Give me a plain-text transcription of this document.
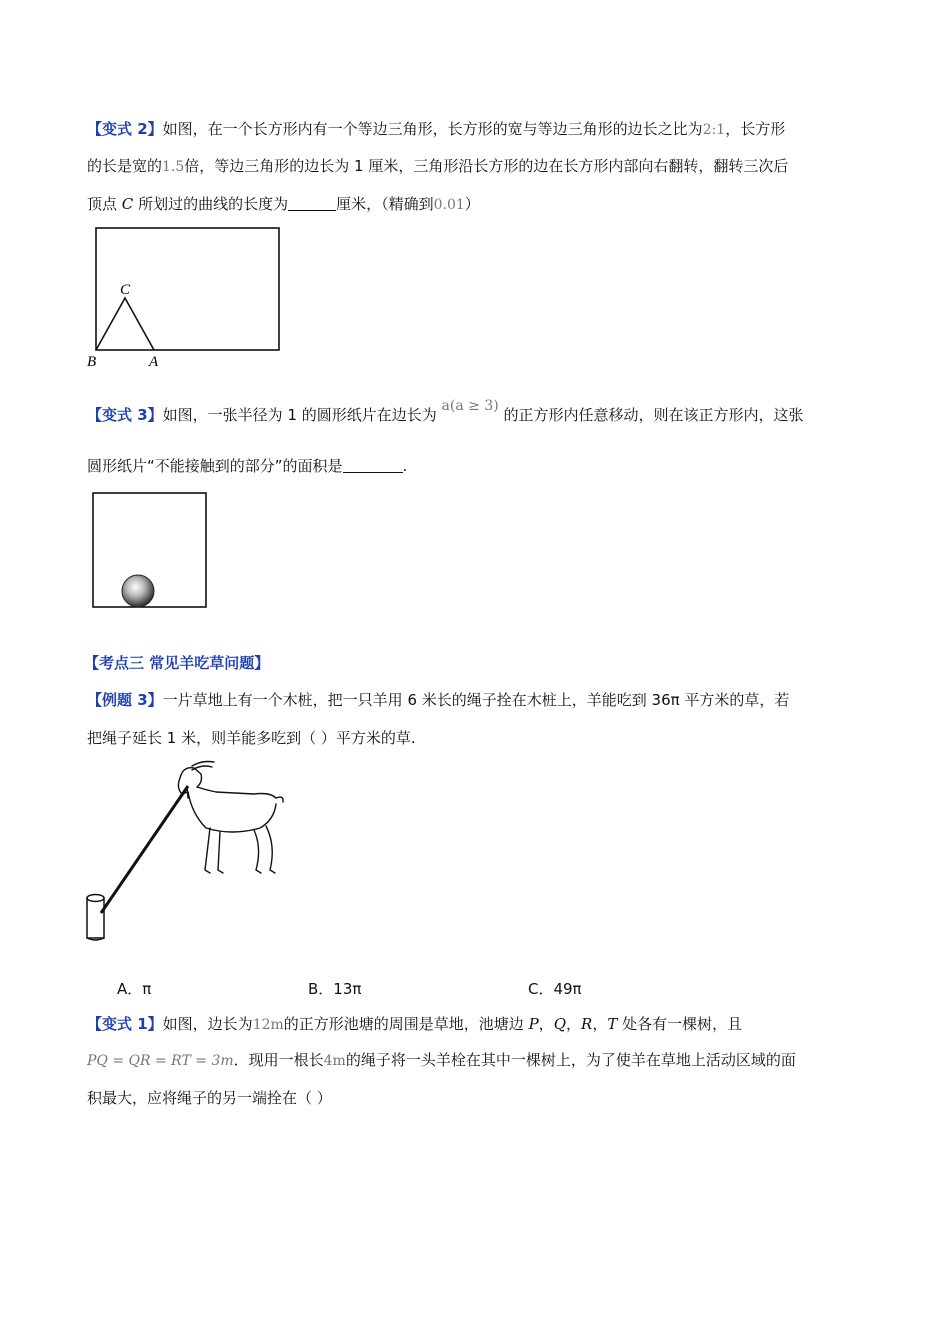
【变式 2】如图，在一个长方形内有一个等边三角形，长方形的宽与等边三角形的边长之比为2:1，长方形
的长是宽的1.5倍，等边三角形的边长为 1 厘米，三角形沿长方形的边在长方形内部向右翻转，翻转三次后
顶点 C 所划过的曲线的长度为	厘米，（精确到0.01）
C
B	A
【变式 3】如图，一张半径为 1 的圆形纸片在边长为 a(a ≥ 3) 的正方形内任意移动，则在该正方形内，这张
圆形纸片“不能接触到的部分”的面积是	.
【考点三 常见羊吃草问题】
【例题 3】一片草地上有一个木桩，把一只羊用 6 米长的绳子拴在木桩上，羊能吃到 36π 平方米的草，若
把绳子延长 1 米，则羊能多吃到（ ）平方米的草.
A．π	B．13π	C．49π
【变式 1】如图，边长为12m的正方形池塘的周围是草地，池塘边 P，Q，R，T 处各有一棵树，且
PQ = QR = RT = 3m．现用一根长4m的绳子将一头羊栓在其中一棵树上，为了使羊在草地上活动区域的面
积最大，应将绳子的另一端拴在（ ）
